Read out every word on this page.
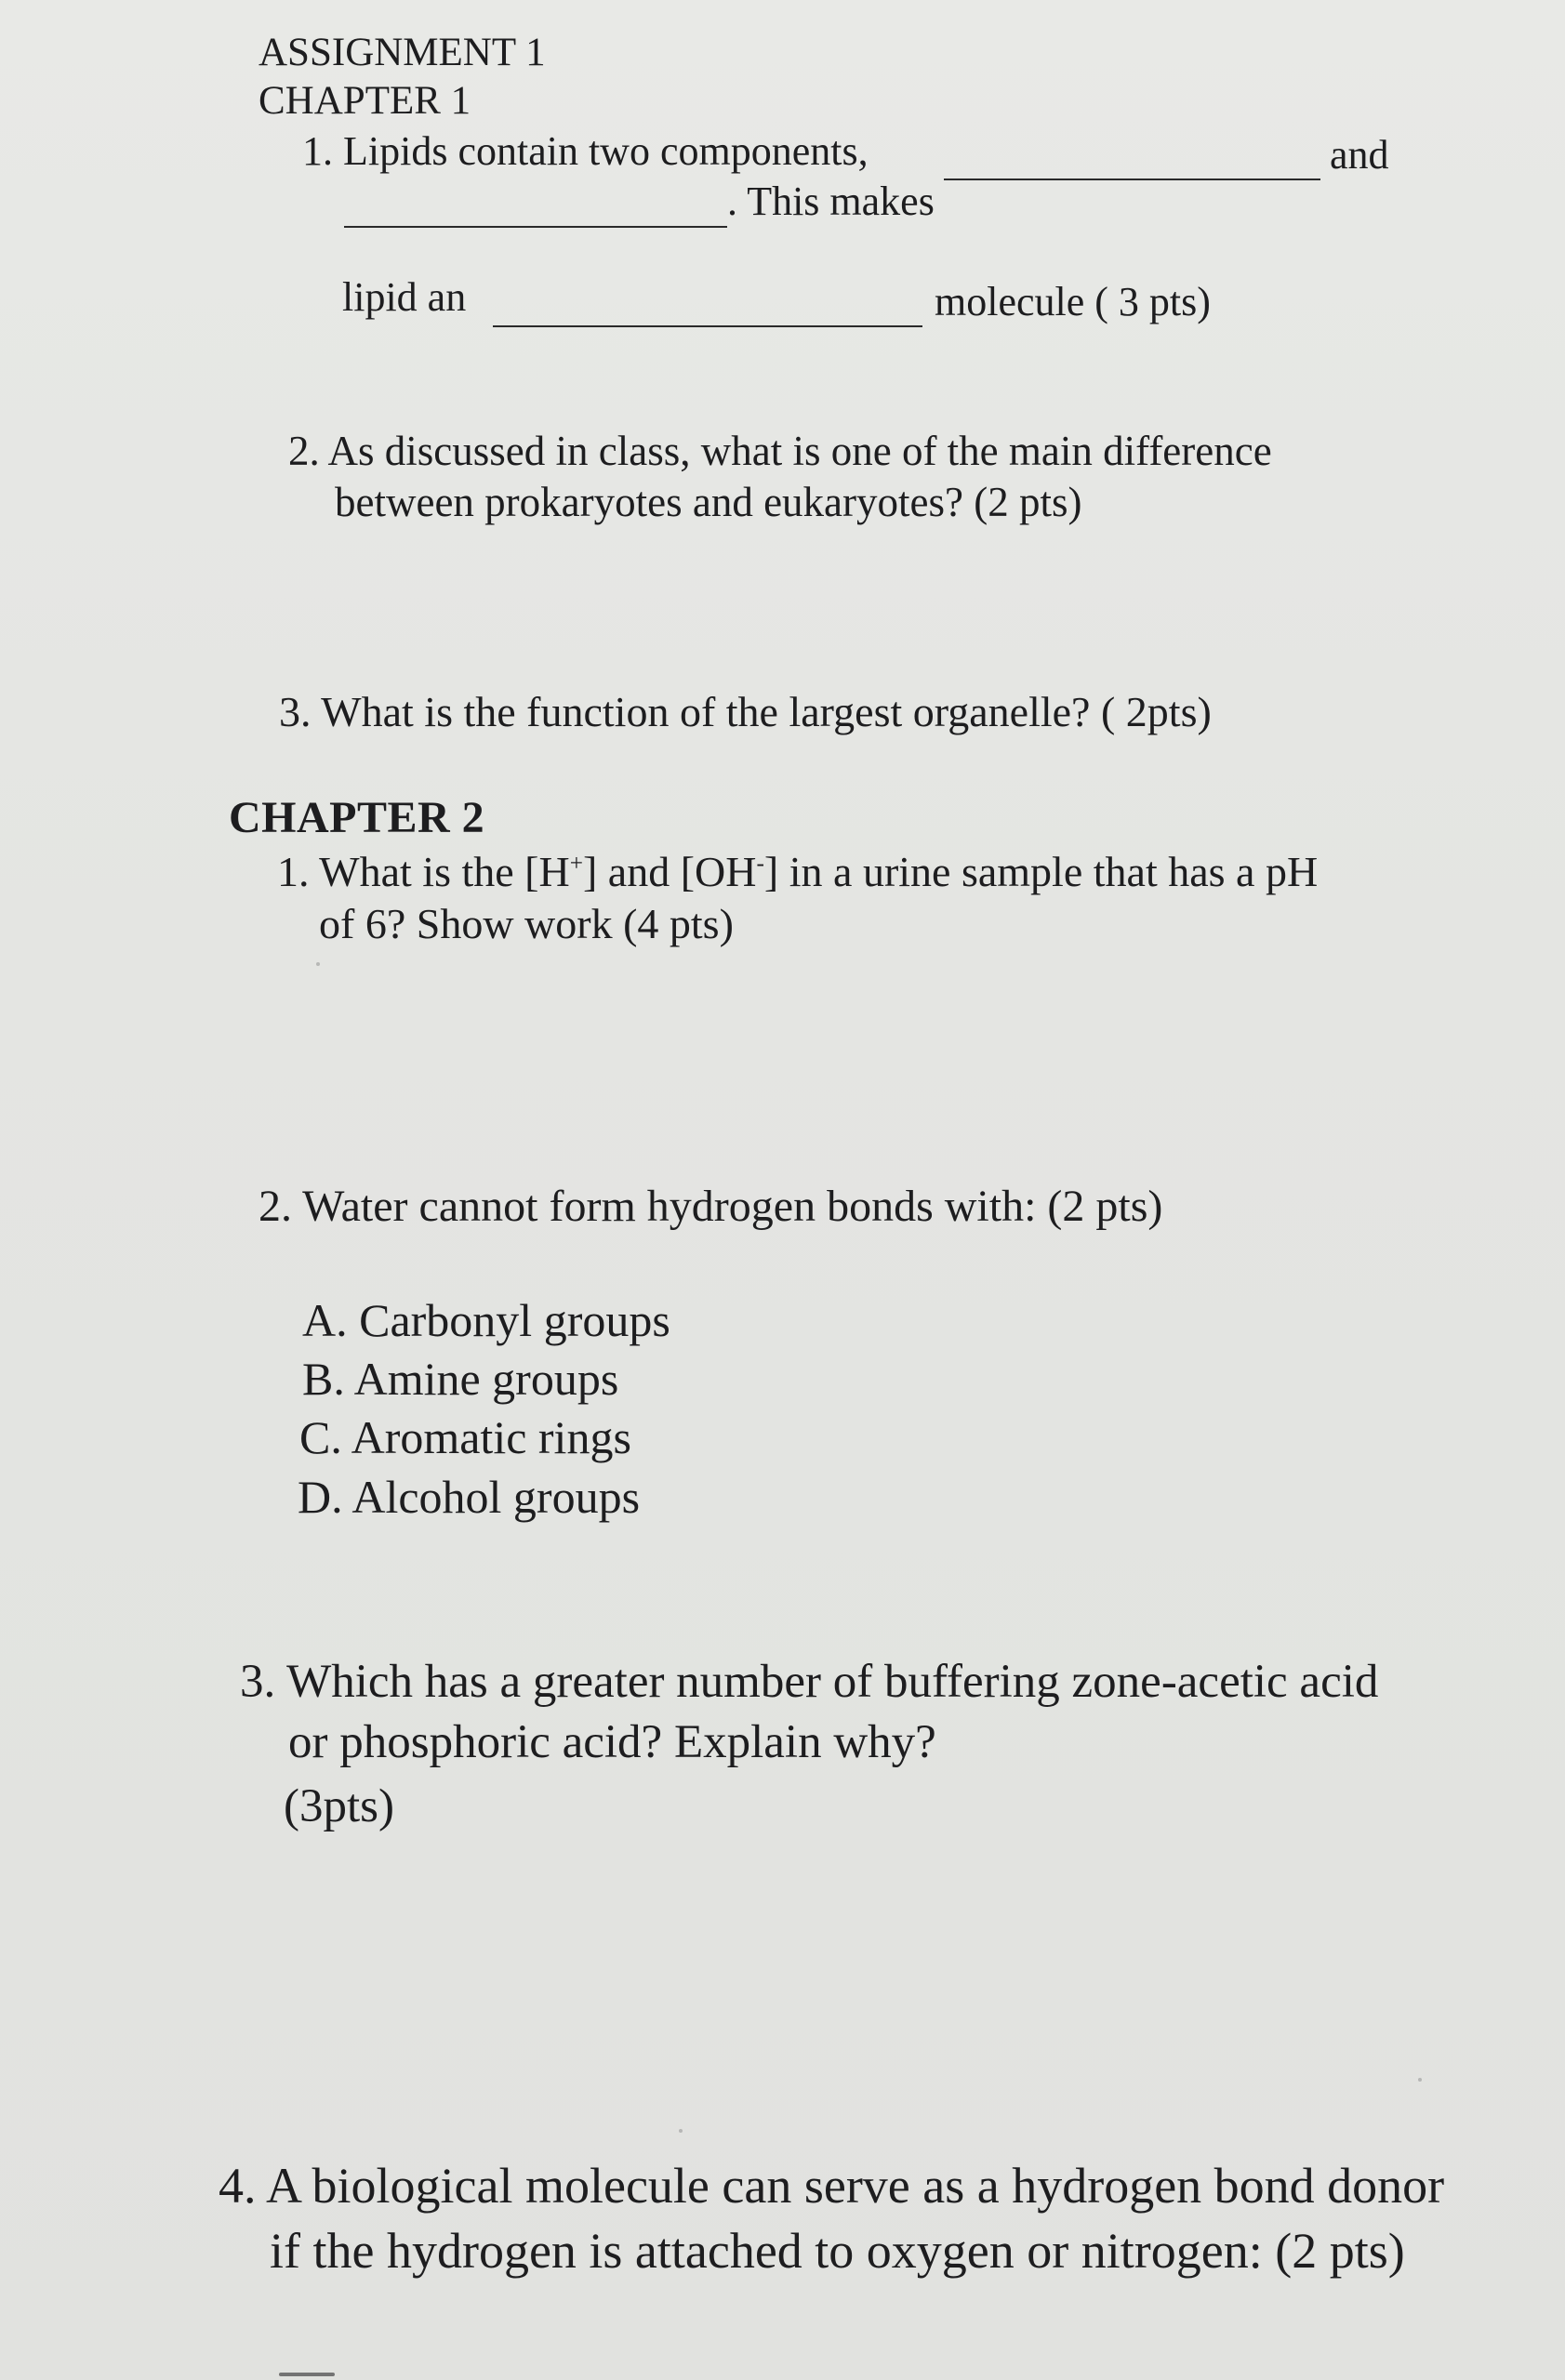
ASSIGNMENT 1
CHAPTER 1
1. Lipids contain two components,	and
. This makes
lipid an	molecule ( 3 pts)
2. As discussed in class, what is one of the main difference
between prokaryotes and eukaryotes? (2 pts)
3. What is the function of the largest organelle? ( 2pts)
CHAPTER 2
1. What is the [H+] and [OH-] in a urine sample that has a pH
of 6? Show work (4 pts)
2. Water cannot form hydrogen bonds with: (2 pts)
A. Carbonyl groups
B. Amine groups
C. Aromatic rings
D. Alcohol groups
3. Which has a greater number of buffering zone-acetic acid
or phosphoric acid? Explain why?
(3pts)
4. A biological molecule can serve as a hydrogen bond donor
if the hydrogen is attached to oxygen or nitrogen: (2 pts)
